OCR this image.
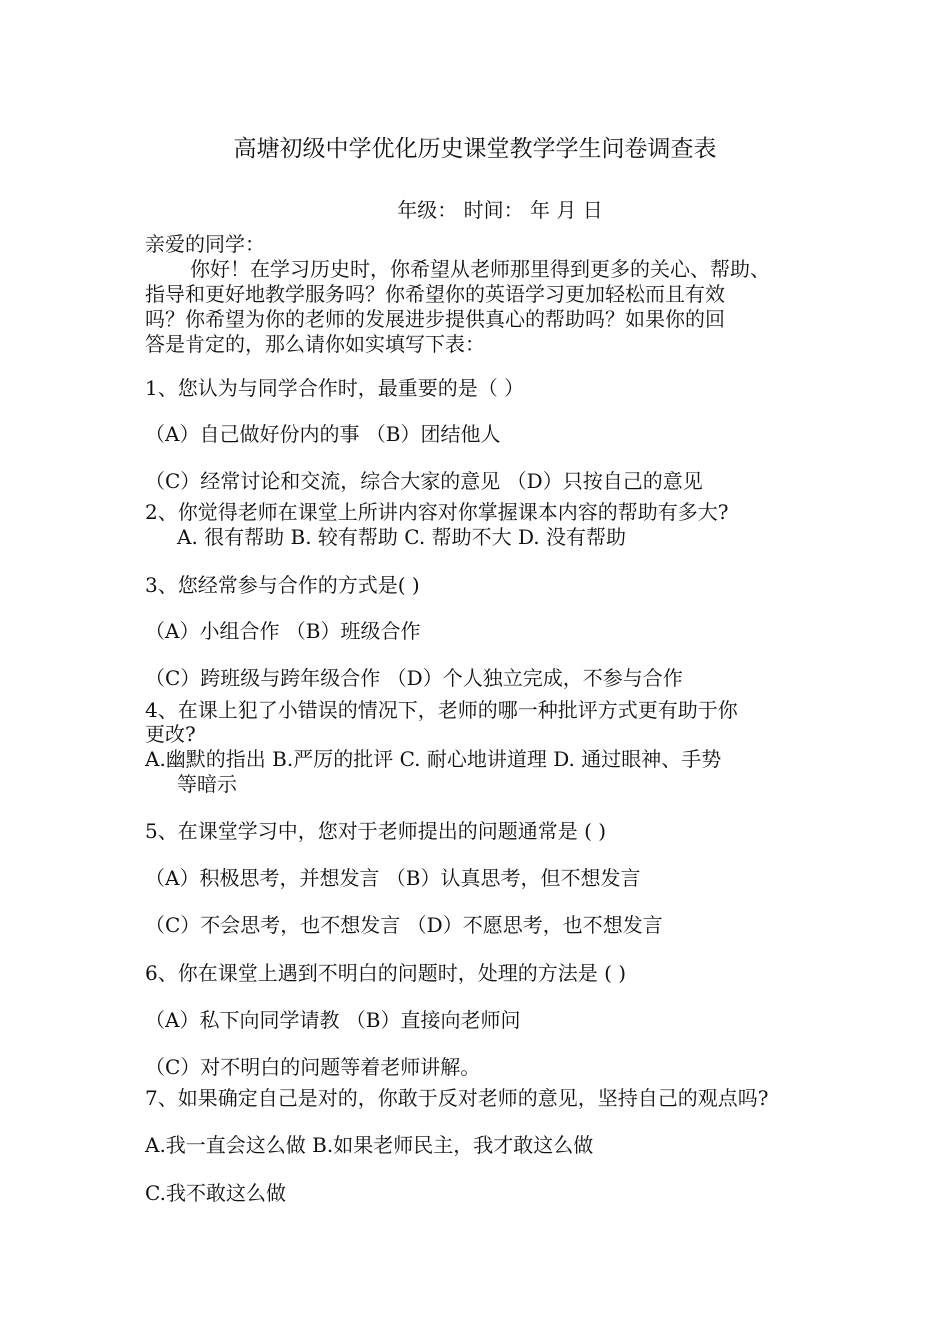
高塘初级中学优化历史课堂教学学生问卷调查表
年级： 时间： 年 月 日
亲爱的同学：
你好！在学习历史时，你希望从老师那里得到更多的关心、帮助、
指导和更好地教学服务吗？你希望你的英语学习更加轻松而且有效
吗？你希望为你的老师的发展进步提供真心的帮助吗？如果你的回
答是肯定的，那么请你如实填写下表：
1、您认为与同学合作时，最重要的是（ ）
（A）自己做好份内的事 （B）团结他人
（C）经常讨论和交流，综合大家的意见 （D）只按自己的意见
2、你觉得老师在课堂上所讲内容对你掌握课本内容的帮助有多大?
A. 很有帮助 B. 较有帮助 C. 帮助不大 D. 没有帮助
3、您经常参与合作的方式是( )
（A）小组合作 （B）班级合作
（C）跨班级与跨年级合作 （D）个人独立完成，不参与合作
4、在课上犯了小错误的情况下，老师的哪一种批评方式更有助于你
更改?
A.幽默的指出 B.严厉的批评 C. 耐心地讲道理 D. 通过眼神、手势
等暗示
5、在课堂学习中，您对于老师提出的问题通常是 ( )
（A）积极思考，并想发言 （B）认真思考，但不想发言
（C）不会思考，也不想发言 （D）不愿思考，也不想发言
6、你在课堂上遇到不明白的问题时，处理的方法是 ( )
（A）私下向同学请教 （B）直接向老师问
（C）对不明白的问题等着老师讲解。
7、如果确定自己是对的，你敢于反对老师的意见，坚持自己的观点吗?
A.我一直会这么做 B.如果老师民主，我才敢这么做
C.我不敢这么做
